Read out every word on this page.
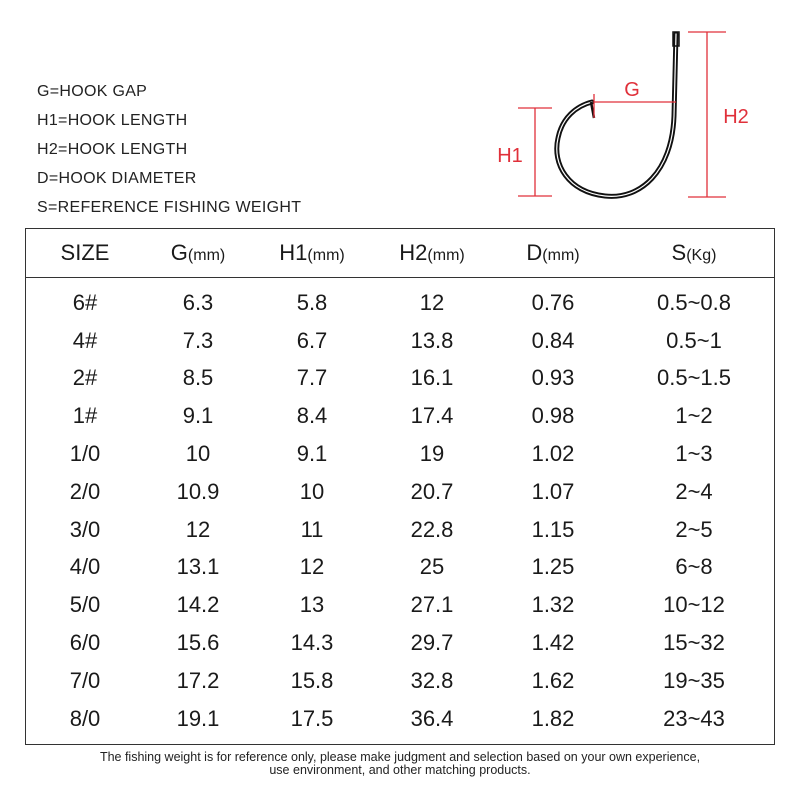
G=HOOK GAP
H1=HOOK LENGTH
H2=HOOK LENGTH
D=HOOK DIAMETER
S=REFERENCE FISHING WEIGHT
G
H1
H2
SIZE	G(mm)	H1(mm)	H2(mm)	D(mm)	S(Kg)
6#	6.3	5.8	12	0.76	0.5~0.8
4#	7.3	6.7	13.8	0.84	0.5~1
2#	8.5	7.7	16.1	0.93	0.5~1.5
1#	9.1	8.4	17.4	0.98	1~2
1/0	10	9.1	19	1.02	1~3
2/0	10.9	10	20.7	1.07	2~4
3/0	12	11	22.8	1.15	2~5
4/0	13.1	12	25	1.25	6~8
5/0	14.2	13	27.1	1.32	10~12
6/0	15.6	14.3	29.7	1.42	15~32
7/0	17.2	15.8	32.8	1.62	19~35
8/0	19.1	17.5	36.4	1.82	23~43
The fishing weight is for reference only, please make judgment and selection based on your own experience,
use environment, and other matching products.
